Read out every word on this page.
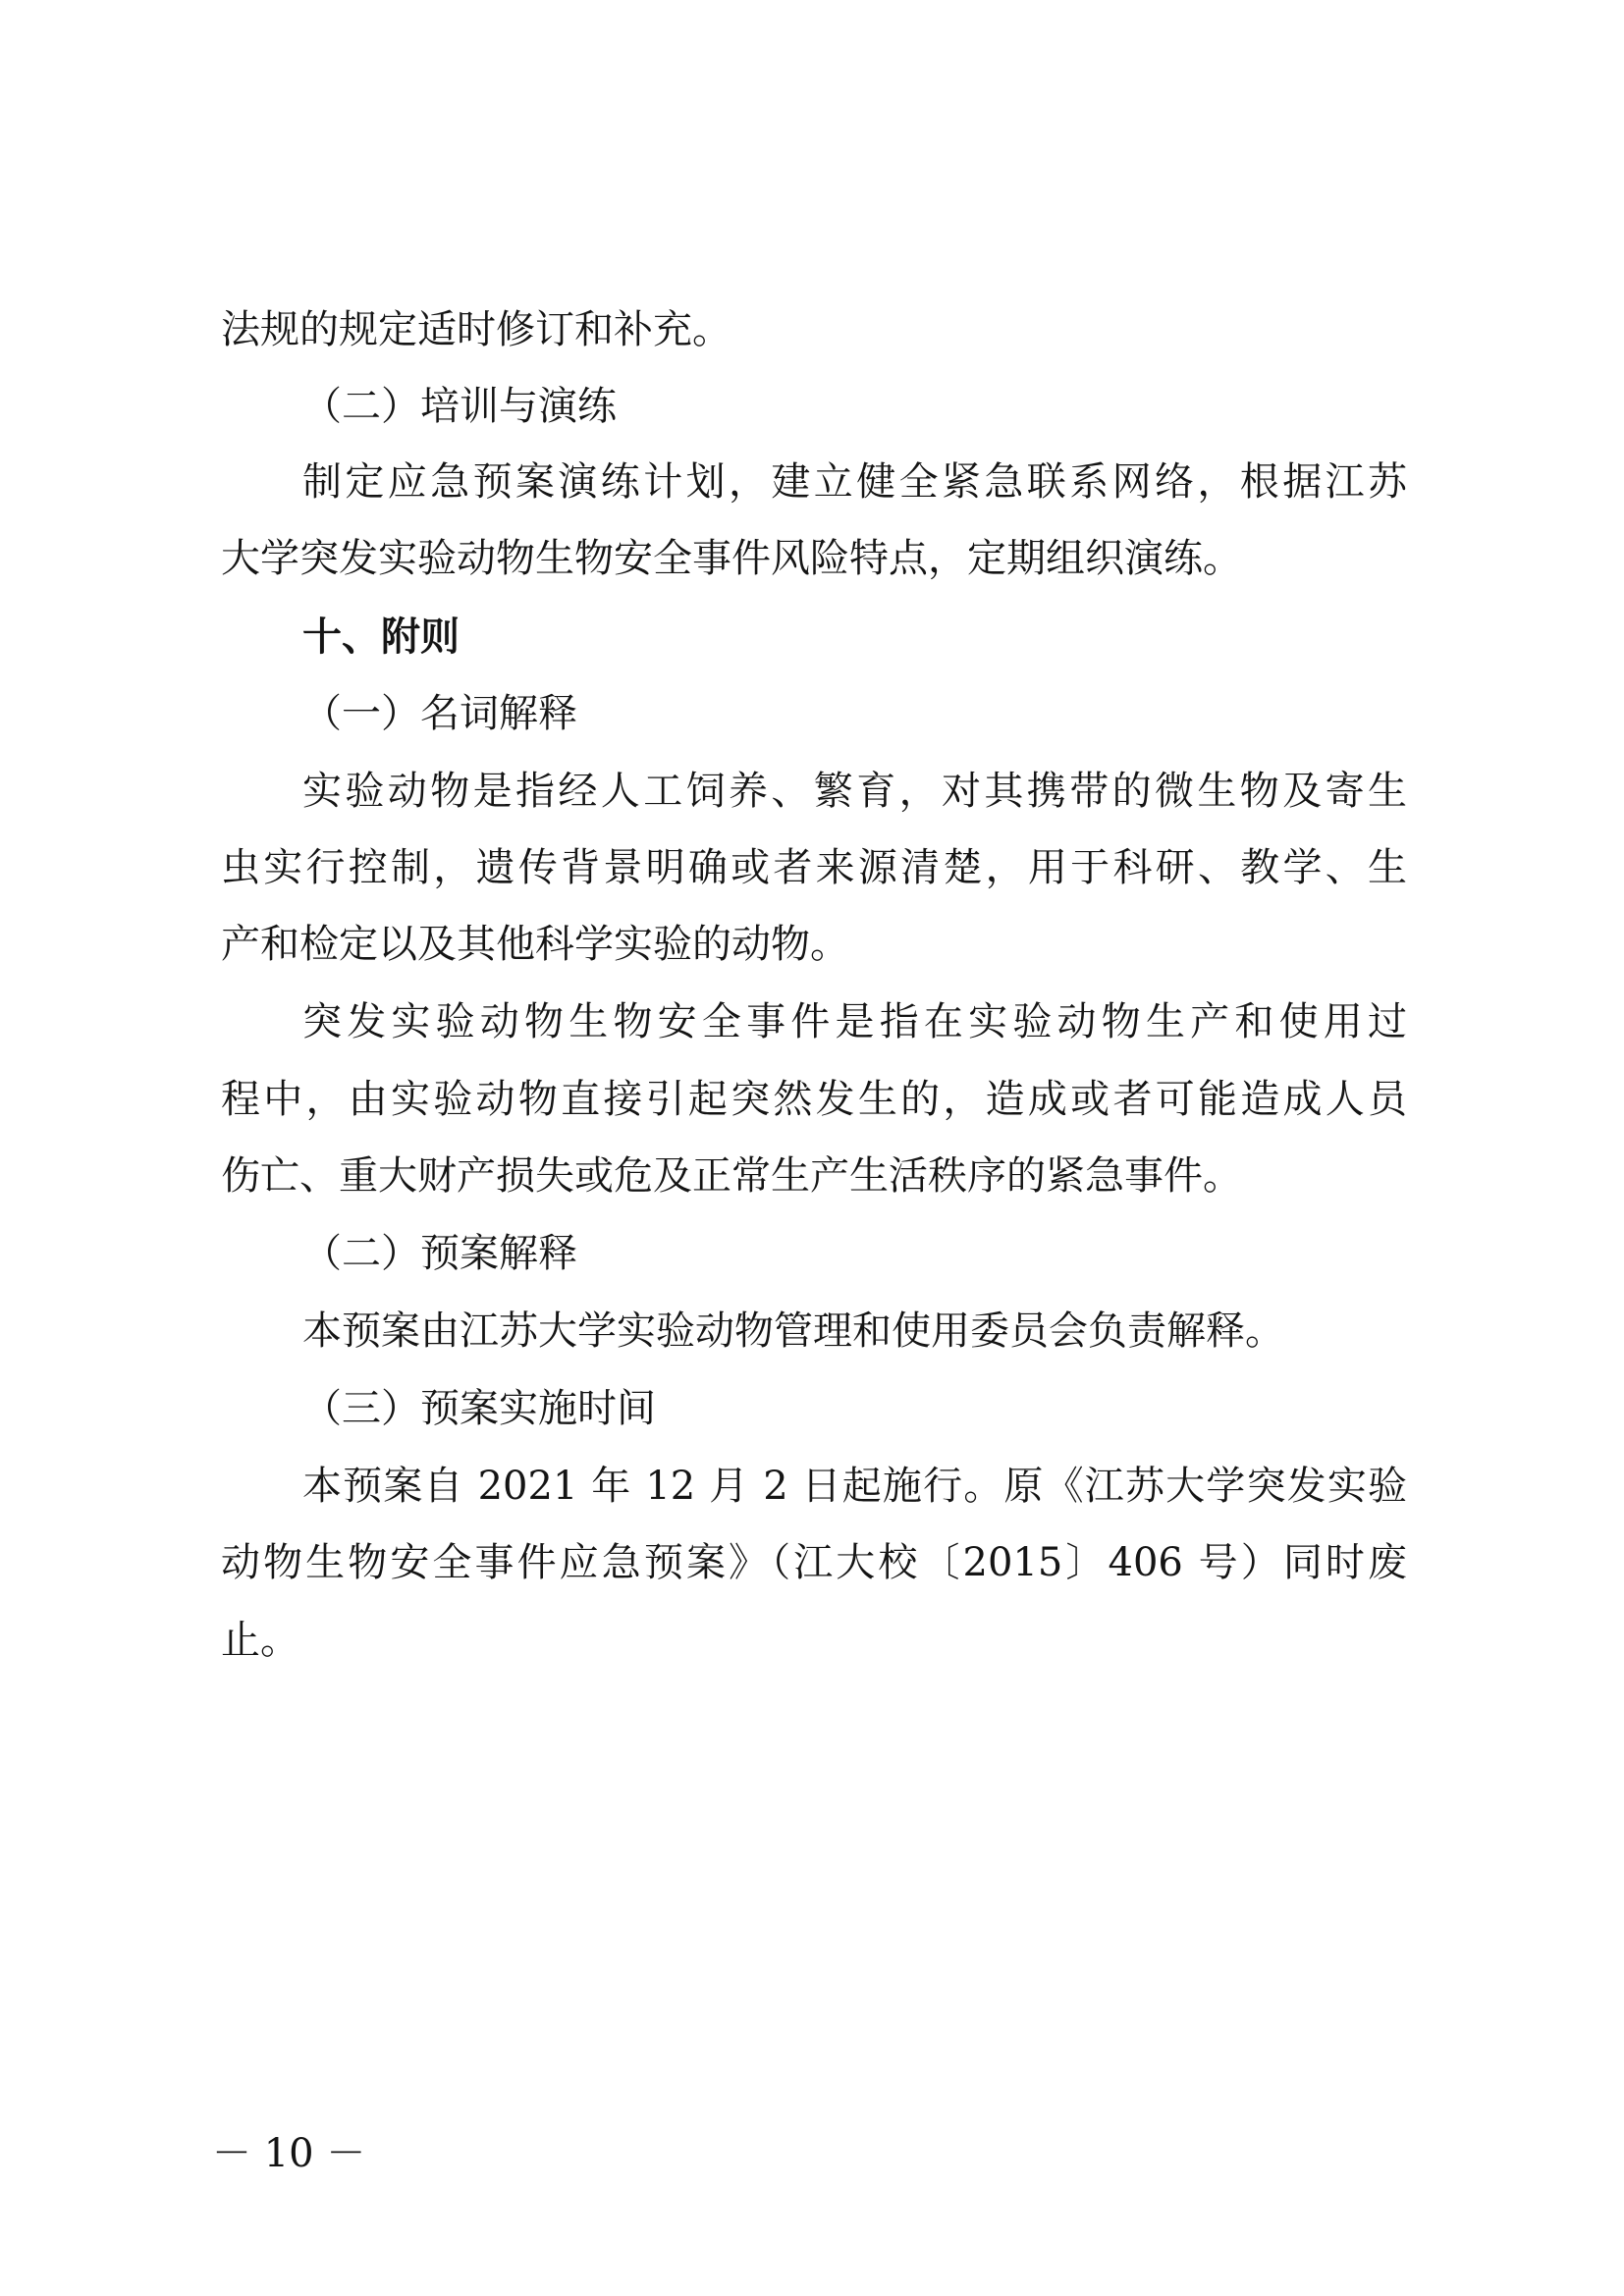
法规的规定适时修订和补充。
（二）培训与演练
制定应急预案演练计划，建立健全紧急联系网络，根据江苏
大学突发实验动物生物安全事件风险特点，定期组织演练。
十、附则
（一）名词解释
实验动物是指经人工饲养、繁育，对其携带的微生物及寄生
虫实行控制，遗传背景明确或者来源清楚，用于科研、教学、生
产和检定以及其他科学实验的动物。
突发实验动物生物安全事件是指在实验动物生产和使用过
程中，由实验动物直接引起突然发生的，造成或者可能造成人员
伤亡、重大财产损失或危及正常生产生活秩序的紧急事件。
（二）预案解释
本预案由江苏大学实验动物管理和使用委员会负责解释。
（三）预案实施时间
本预案自 2021 年 12 月 2 日起施行。原《江苏大学突发实验
动物生物安全事件应急预案》（江大校〔2015〕406 号）同时废
止。
－ 10 －
